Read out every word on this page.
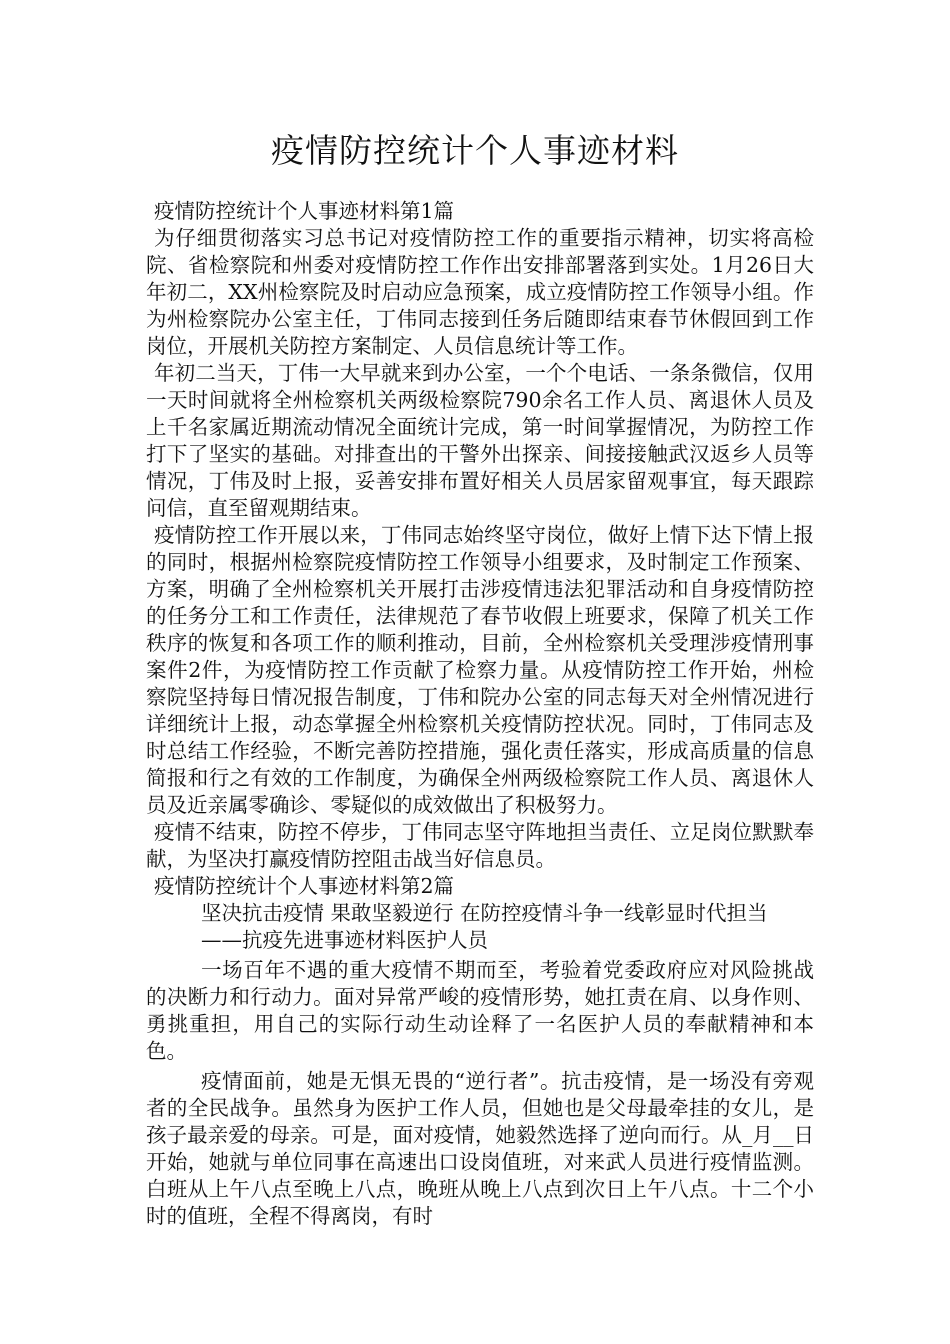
疫情防控统计个人事迹材料

疫情防控统计个人事迹材料第1篇

为仔细贯彻落实习总书记对疫情防控工作的重要指示精神，切实将高检院、省检察院和州委对疫情防控工作作出安排部署落到实处。1月26日大年初二，XX州检察院及时启动应急预案，成立疫情防控工作领导小组。作为州检察院办公室主任，丁伟同志接到任务后随即结束春节休假回到工作岗位，开展机关防控方案制定、人员信息统计等工作。

年初二当天，丁伟一大早就来到办公室，一个个电话、一条条微信，仅用一天时间就将全州检察机关两级检察院790余名工作人员、离退休人员及上千名家属近期流动情况全面统计完成，第一时间掌握情况，为防控工作打下了坚实的基础。对排查出的干警外出探亲、间接接触武汉返乡人员等情况，丁伟及时上报，妥善安排布置好相关人员居家留观事宜，每天跟踪问信，直至留观期结束。

疫情防控工作开展以来，丁伟同志始终坚守岗位，做好上情下达下情上报的同时，根据州检察院疫情防控工作领导小组要求，及时制定工作预案、方案，明确了全州检察机关开展打击涉疫情违法犯罪活动和自身疫情防控的任务分工和工作责任，法律规范了春节收假上班要求，保障了机关工作秩序的恢复和各项工作的顺利推动，目前，全州检察机关受理涉疫情刑事案件2件，为疫情防控工作贡献了检察力量。从疫情防控工作开始，州检察院坚持每日情况报告制度，丁伟和院办公室的同志每天对全州情况进行详细统计上报，动态掌握全州检察机关疫情防控状况。同时，丁伟同志及时总结工作经验，不断完善防控措施，强化责任落实，形成高质量的信息简报和行之有效的工作制度，为确保全州两级检察院工作人员、离退休人员及近亲属零确诊、零疑似的成效做出了积极努力。

疫情不结束，防控不停步，丁伟同志坚守阵地担当责任、立足岗位默默奉献，为坚决打赢疫情防控阻击战当好信息员。

疫情防控统计个人事迹材料第2篇

坚决抗击疫情 果敢坚毅逆行 在防控疫情斗争一线彰显时代担当

——抗疫先进事迹材料医护人员

一场百年不遇的重大疫情不期而至，考验着党委政府应对风险挑战的决断力和行动力。面对异常严峻的疫情形势，她扛责在肩、以身作则、勇挑重担，用自己的实际行动生动诠释了一名医护人员的奉献精神和本色。

疫情面前，她是无惧无畏的“逆行者”。抗击疫情，是一场没有旁观者的全民战争。虽然身为医护工作人员，但她也是父母最牵挂的女儿，是孩子最亲爱的母亲。可是，面对疫情，她毅然选择了逆向而行。从_月__日开始，她就与单位同事在高速出口设岗值班，对来武人员进行疫情监测。白班从上午八点至晚上八点，晚班从晚上八点到次日上午八点。十二个小时的值班，全程不得离岗，有时
